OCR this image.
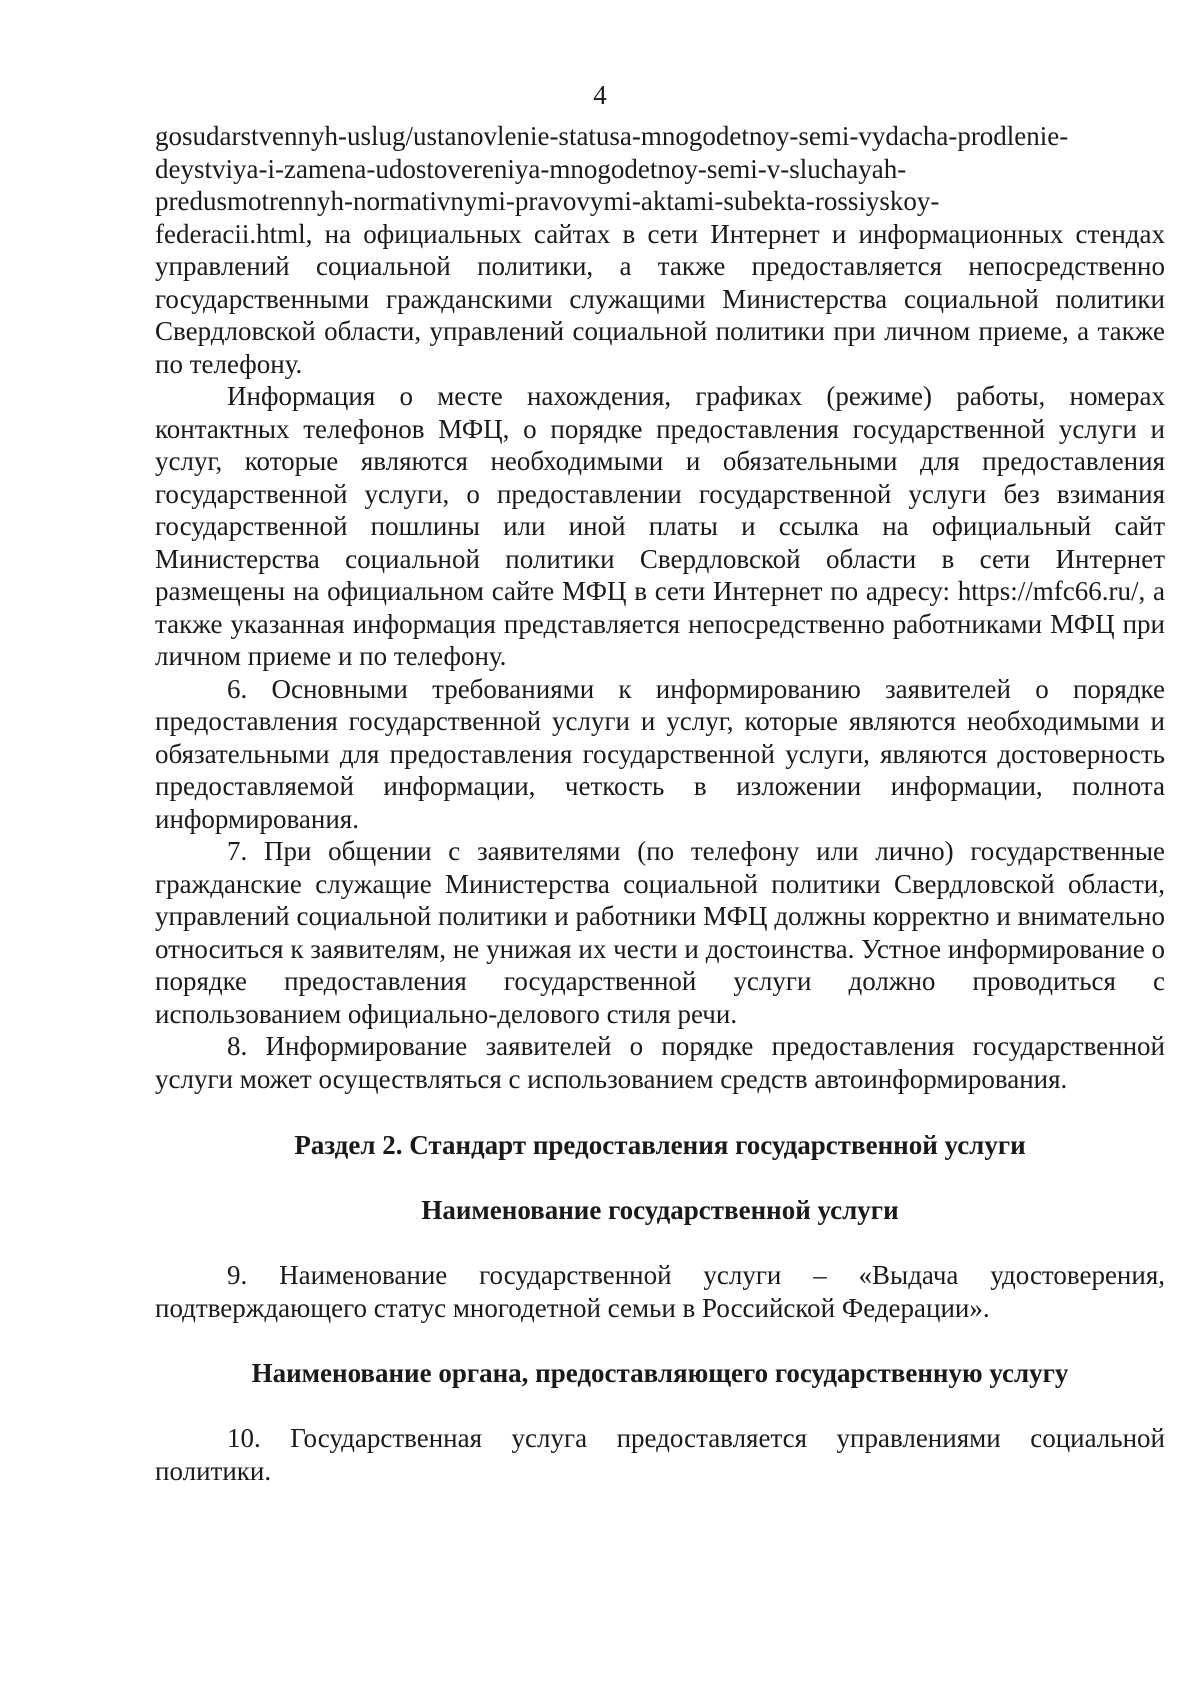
4
gosudarstvennyh-uslug/ustanovlenie-statusa-mnogodetnoy-semi-vydacha-prodlenie-
deystviya-i-zamena-udostovereniya-mnogodetnoy-semi-v-sluchayah-
predusmotrennyh-normativnymi-pravovymi-aktami-subekta-rossiyskoy-

federacii.html, на официальных сайтах в сети Интернет и информационных стендах управлений социальной политики, а также предоставляется непосредственно государственными гражданскими служащими Министерства социальной политики Свердловской области, управлений социальной политики при личном приеме, а также по телефону.

Информация о месте нахождения, графиках (режиме) работы, номерах контактных телефонов МФЦ, о порядке предоставления государственной услуги и услуг, которые являются необходимыми и обязательными для предоставления государственной услуги, о предоставлении государственной услуги без взимания государственной пошлины или иной платы и ссылка на официальный сайт Министерства социальной политики Свердловской области в сети Интернет размещены на официальном сайте МФЦ в сети Интернет по адресу: https://mfc66.ru/, а также указанная информация представляется непосредственно работниками МФЦ при личном приеме и по телефону.

6. Основными требованиями к информированию заявителей о порядке предоставления государственной услуги и услуг, которые являются необходимыми и обязательными для предоставления государственной услуги, являются достоверность предоставляемой информации, четкость в изложении информации, полнота информирования.

7. При общении с заявителями (по телефону или лично) государственные гражданские служащие Министерства социальной политики Свердловской области, управлений социальной политики и работники МФЦ должны корректно и внимательно относиться к заявителям, не унижая их чести и достоинства. Устное информирование о порядке предоставления государственной услуги должно проводиться с использованием официально-делового стиля речи.

8. Информирование заявителей о порядке предоставления государственной услуги может осуществляться с использованием средств автоинформирования.

Раздел 2. Стандарт предоставления государственной услуги
Наименование государственной услуги

9. Наименование государственной услуги – «Выдача удостоверения, подтверждающего статус многодетной семьи в Российской Федерации».

Наименование органа, предоставляющего государственную услугу

10. Государственная услуга предоставляется управлениями социальной политики.
